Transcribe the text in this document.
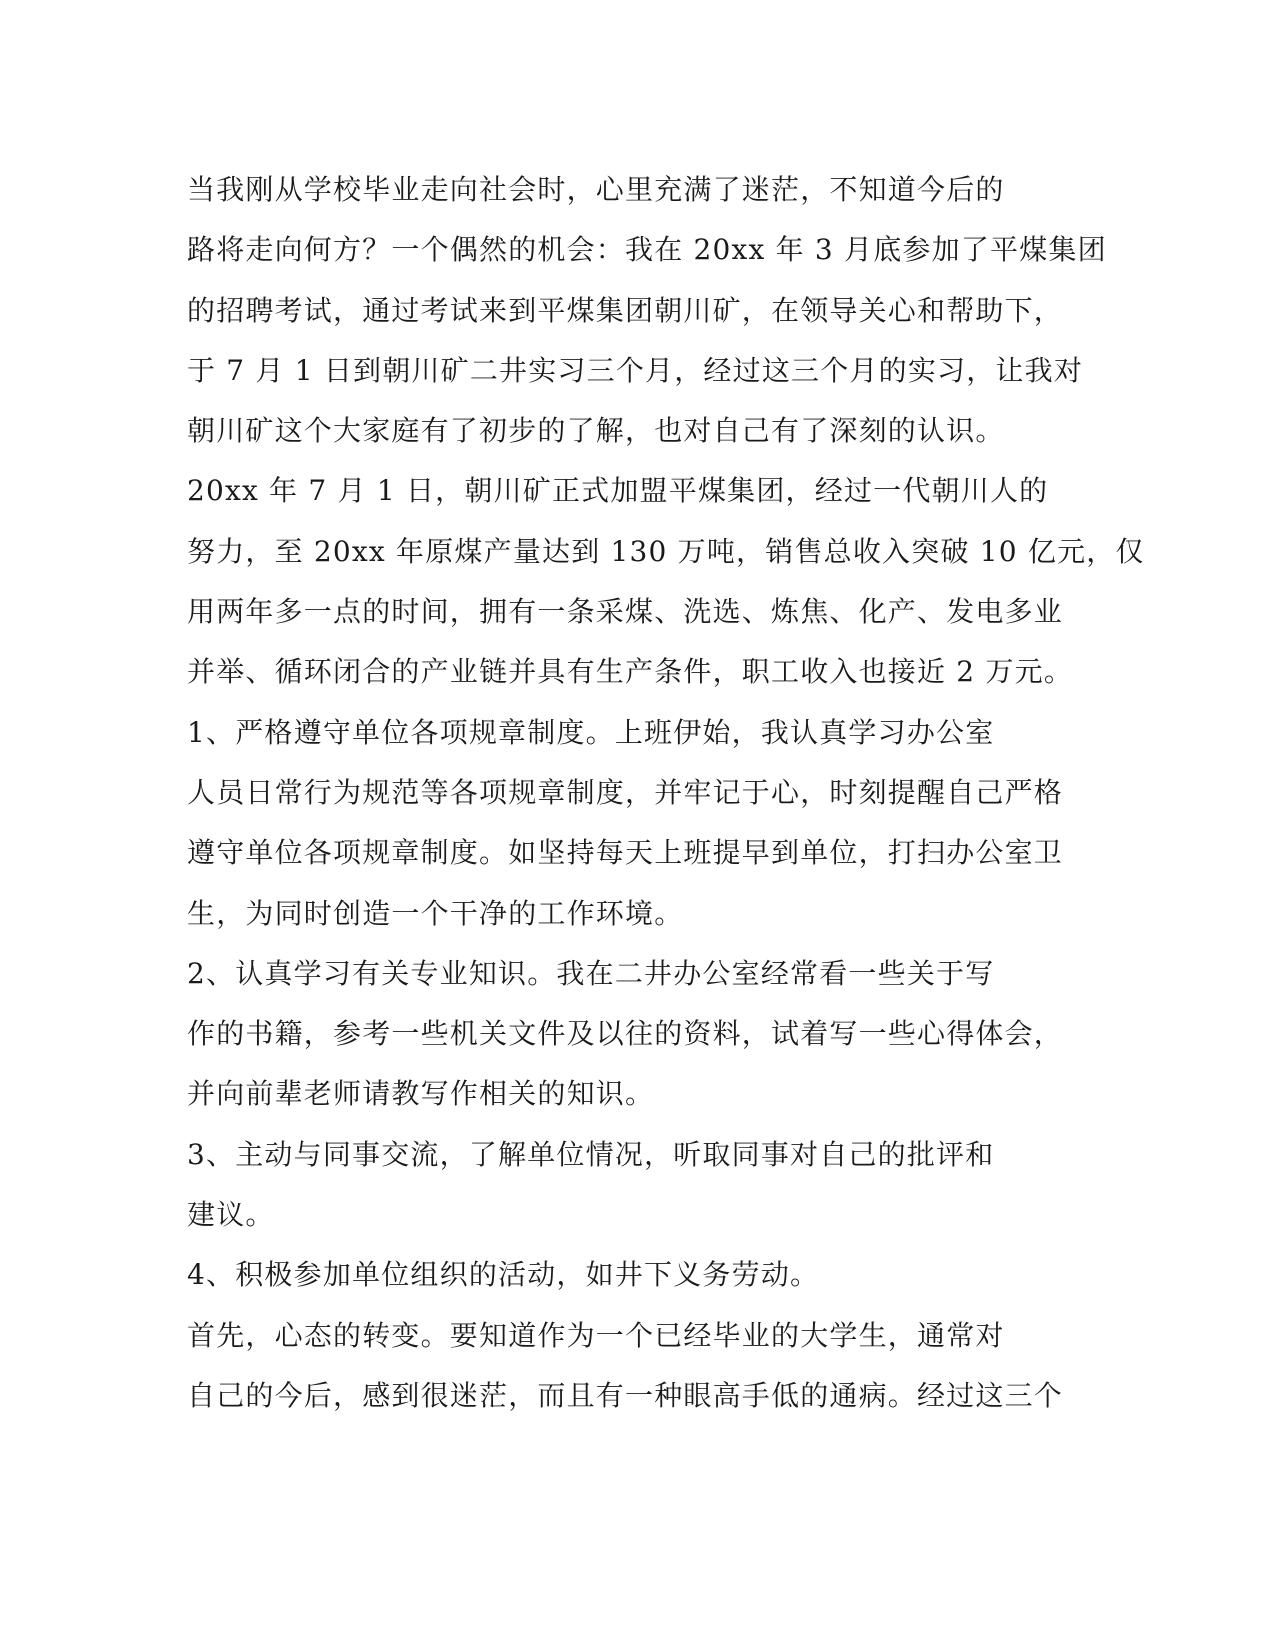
当我刚从学校毕业走向社会时，心里充满了迷茫，不知道今后的
路将走向何方？一个偶然的机会：我在 20xx 年 3 月底参加了平煤集团
的招聘考试，通过考试来到平煤集团朝川矿，在领导关心和帮助下，
于 7 月 1 日到朝川矿二井实习三个月，经过这三个月的实习，让我对
朝川矿这个大家庭有了初步的了解，也对自己有了深刻的认识。

20xx 年 7 月 1 日，朝川矿正式加盟平煤集团，经过一代朝川人的
努力，至 20xx 年原煤产量达到 130 万吨，销售总收入突破 10 亿元，仅
用两年多一点的时间，拥有一条采煤、洗选、炼焦、化产、发电多业
并举、循环闭合的产业链并具有生产条件，职工收入也接近 2 万元。

1、严格遵守单位各项规章制度。上班伊始，我认真学习办公室
人员日常行为规范等各项规章制度，并牢记于心，时刻提醒自己严格
遵守单位各项规章制度。如坚持每天上班提早到单位，打扫办公室卫
生，为同时创造一个干净的工作环境。

2、认真学习有关专业知识。我在二井办公室经常看一些关于写
作的书籍，参考一些机关文件及以往的资料，试着写一些心得体会，
并向前辈老师请教写作相关的知识。

3、主动与同事交流，了解单位情况，听取同事对自己的批评和
建议。

4、积极参加单位组织的活动，如井下义务劳动。

首先，心态的转变。要知道作为一个已经毕业的大学生，通常对
自己的今后，感到很迷茫，而且有一种眼高手低的通病。经过这三个
